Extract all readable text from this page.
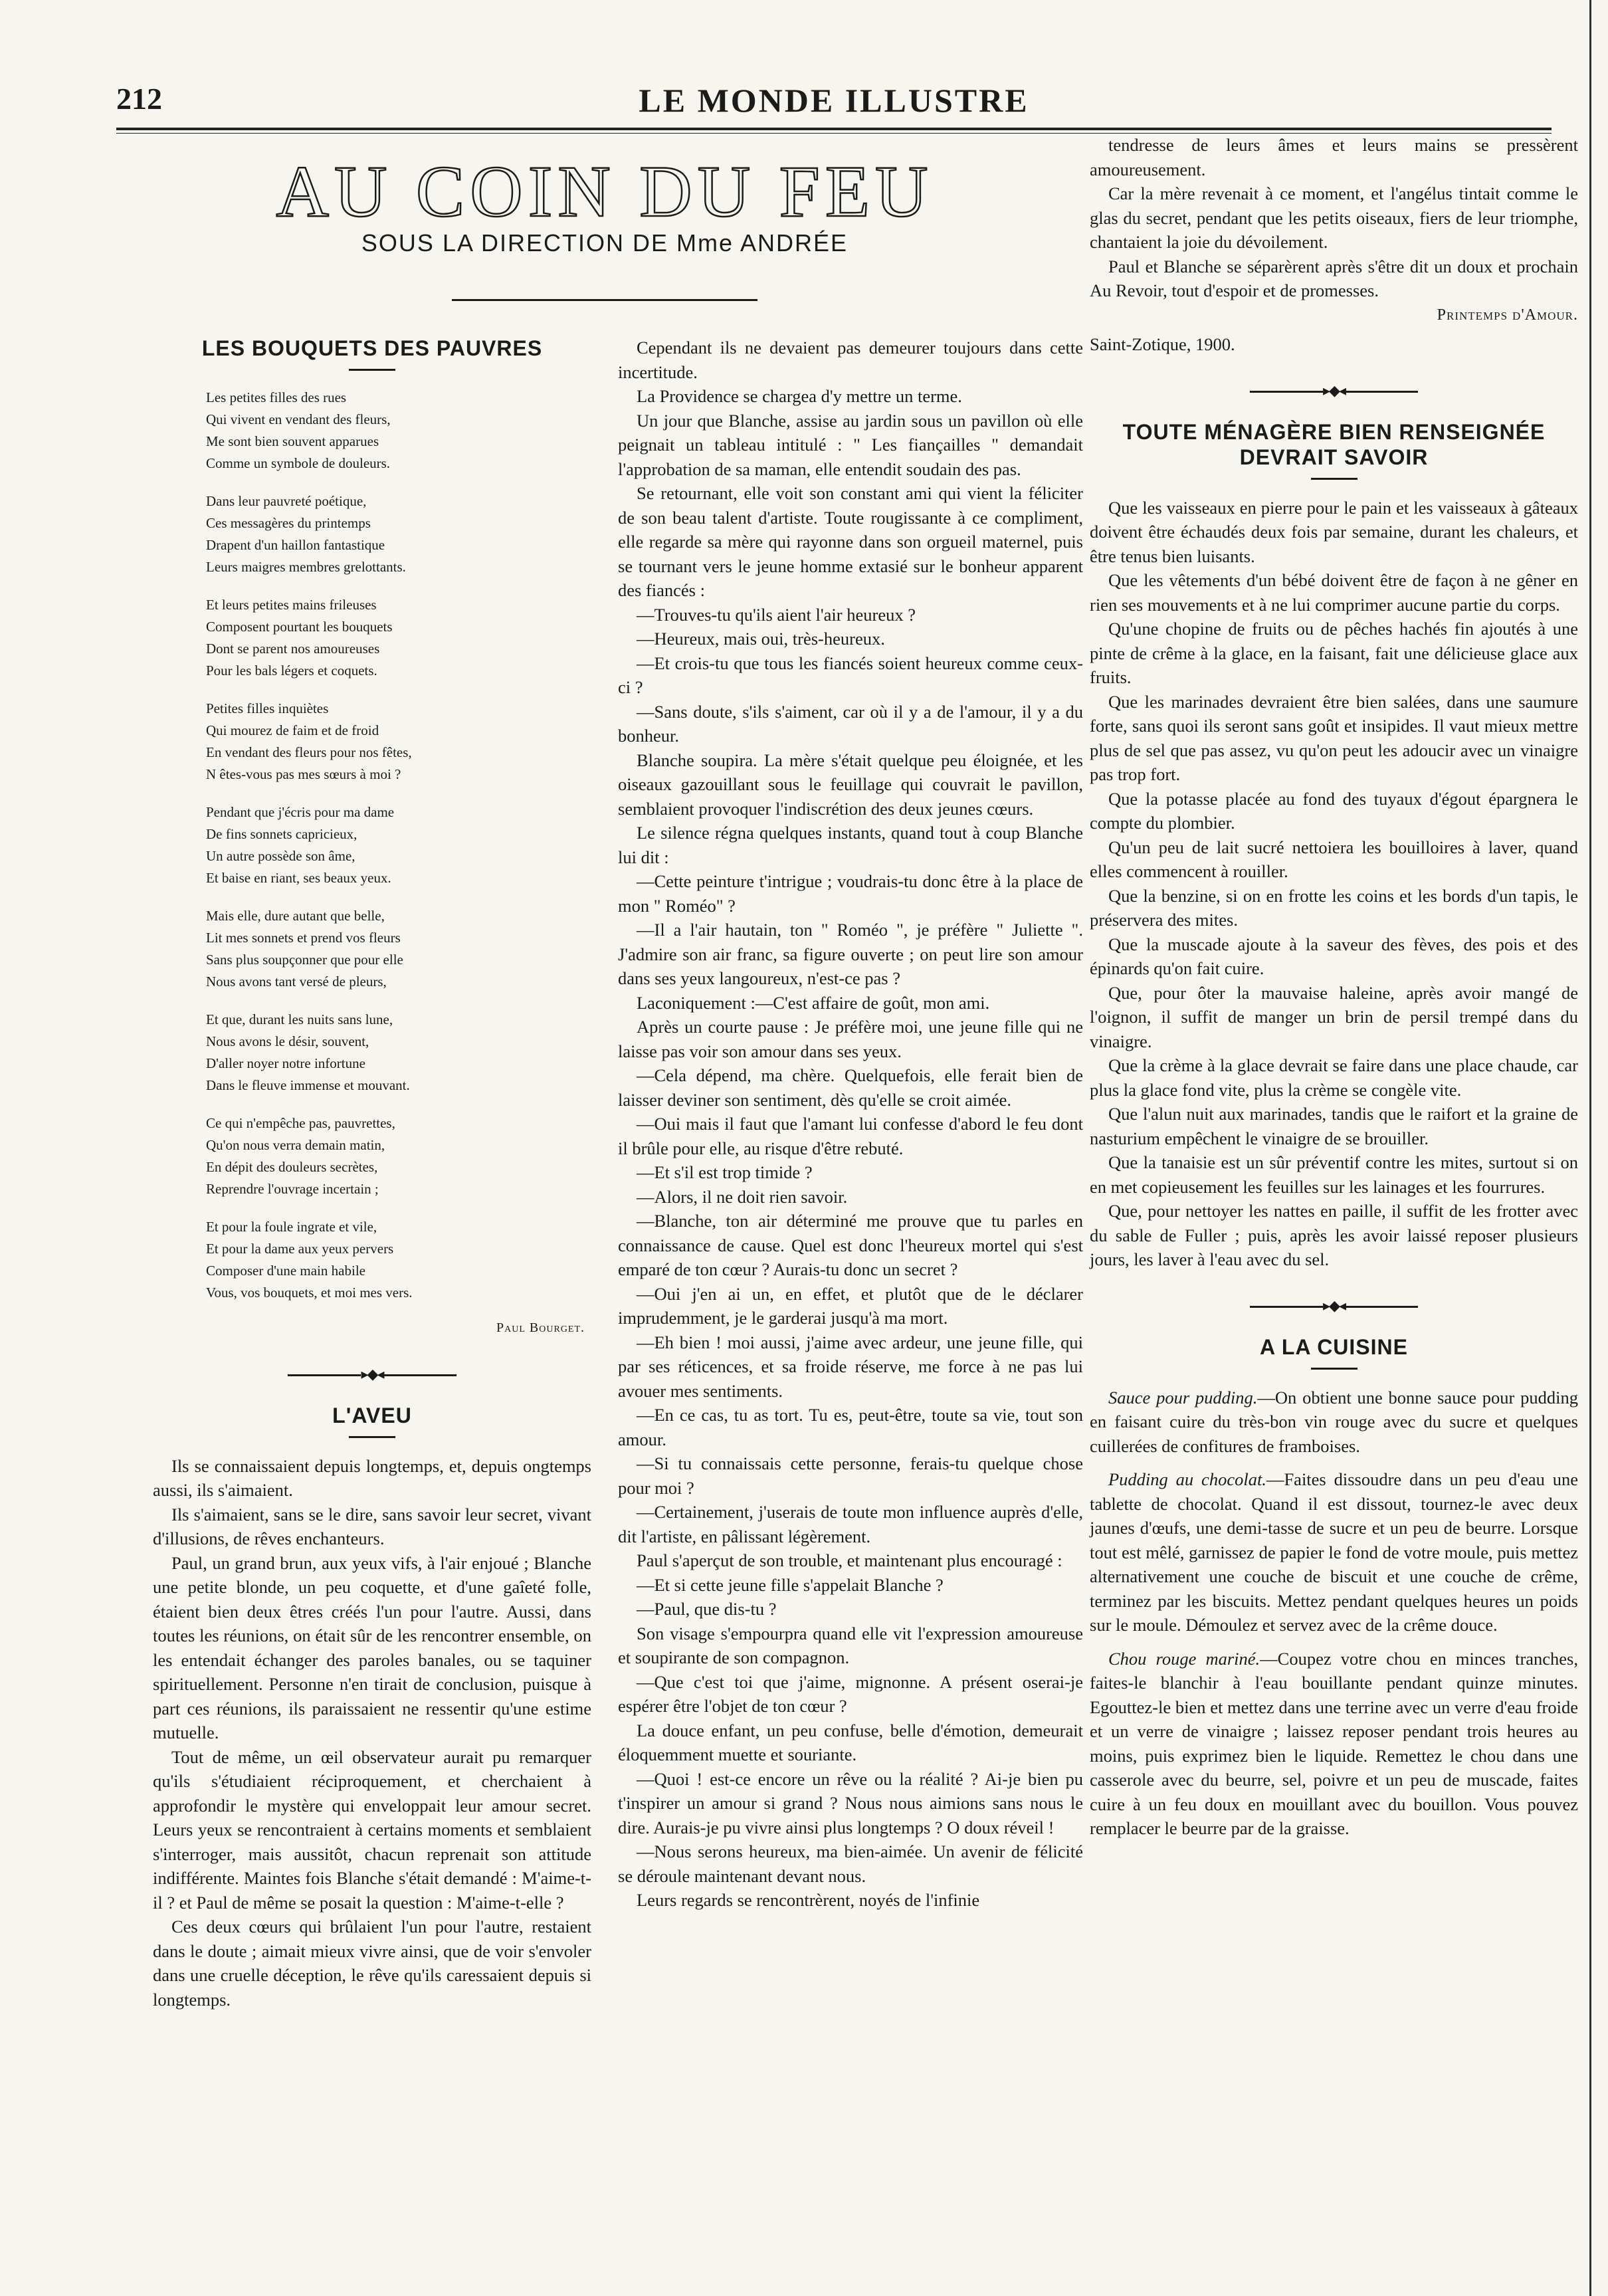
212	LE MONDE ILLUSTRE
AU COIN DU FEU
SOUS LA DIRECTION DE Mme ANDRÉE
LES BOUQUETS DES PAUVRES
Les petites filles des rues
Qui vivent en vendant des fleurs,
Me sont bien souvent apparues
Comme un symbole de douleurs.
Dans leur pauvreté poétique,
Ces messagères du printemps
Drapent d'un haillon fantastique
Leurs maigres membres grelottants.
Et leurs petites mains frileuses
Composent pourtant les bouquets
Dont se parent nos amoureuses
Pour les bals légers et coquets.
Petites filles inquiètes
Qui mourez de faim et de froid
En vendant des fleurs pour nos fêtes,
N êtes-vous pas mes sœurs à moi ?
Pendant que j'écris pour ma dame
De fins sonnets capricieux,
Un autre possède son âme,
Et baise en riant, ses beaux yeux.
Mais elle, dure autant que belle,
Lit mes sonnets et prend vos fleurs
Sans plus soupçonner que pour elle
Nous avons tant versé de pleurs,
Et que, durant les nuits sans lune,
Nous avons le désir, souvent,
D'aller noyer notre infortune
Dans le fleuve immense et mouvant.
Ce qui n'empêche pas, pauvrettes,
Qu'on nous verra demain matin,
En dépit des douleurs secrètes,
Reprendre l'ouvrage incertain ;
Et pour la foule ingrate et vile,
Et pour la dame aux yeux pervers
Composer d'une main habile
Vous, vos bouquets, et moi mes vers.
Paul Bourget.
▸◆◂
L'AVEU

Ils se connaissaient depuis longtemps, et, depuis ongtemps aussi, ils s'aimaient.

Ils s'aimaient, sans se le dire, sans savoir leur secret, vivant d'illusions, de rêves enchanteurs.

Paul, un grand brun, aux yeux vifs, à l'air enjoué ; Blanche une petite blonde, un peu coquette, et d'une gaîeté folle, étaient bien deux êtres créés l'un pour l'autre. Aussi, dans toutes les réunions, on était sûr de les rencontrer ensemble, on les entendait échanger des paroles banales, ou se taquiner spirituellement. Personne n'en tirait de conclusion, puisque à part ces réunions, ils paraissaient ne ressentir qu'une estime mutuelle.

Tout de même, un œil observateur aurait pu remarquer qu'ils s'étudiaient réciproquement, et cherchaient à approfondir le mystère qui enveloppait leur amour secret. Leurs yeux se rencontraient à certains moments et semblaient s'interroger, mais aussitôt, chacun reprenait son attitude indifférente. Maintes fois Blanche s'était demandé : M'aime-t-il ? et Paul de même se posait la question : M'aime-t-elle ?

Ces deux cœurs qui brûlaient l'un pour l'autre, restaient dans le doute ; aimait mieux vivre ainsi, que de voir s'envoler dans une cruelle déception, le rêve qu'ils caressaient depuis si longtemps.

Cependant ils ne devaient pas demeurer toujours dans cette incertitude.

La Providence se chargea d'y mettre un terme.

Un jour que Blanche, assise au jardin sous un pavillon où elle peignait un tableau intitulé : " Les fiançailles " demandait l'approbation de sa maman, elle entendit soudain des pas.

Se retournant, elle voit son constant ami qui vient la féliciter de son beau talent d'artiste. Toute rougissante à ce compliment, elle regarde sa mère qui rayonne dans son orgueil maternel, puis se tournant vers le jeune homme extasié sur le bonheur apparent des fiancés :

—Trouves-tu qu'ils aient l'air heureux ?

—Heureux, mais oui, très-heureux.

—Et crois-tu que tous les fiancés soient heureux comme ceux-ci ?

—Sans doute, s'ils s'aiment, car où il y a de l'amour, il y a du bonheur.

Blanche soupira. La mère s'était quelque peu éloignée, et les oiseaux gazouillant sous le feuillage qui couvrait le pavillon, semblaient provoquer l'indiscrétion des deux jeunes cœurs.

Le silence régna quelques instants, quand tout à coup Blanche lui dit :

—Cette peinture t'intrigue ; voudrais-tu donc être à la place de mon " Roméo" ?

—Il a l'air hautain, ton " Roméo ", je préfère " Juliette ". J'admire son air franc, sa figure ouverte ; on peut lire son amour dans ses yeux langoureux, n'est-ce pas ?

Laconiquement :—C'est affaire de goût, mon ami.

Après un courte pause : Je préfère moi, une jeune fille qui ne laisse pas voir son amour dans ses yeux.

—Cela dépend, ma chère. Quelquefois, elle ferait bien de laisser deviner son sentiment, dès qu'elle se croit aimée.

—Oui mais il faut que l'amant lui confesse d'abord le feu dont il brûle pour elle, au risque d'être rebuté.

—Et s'il est trop timide ?

—Alors, il ne doit rien savoir.

—Blanche, ton air déterminé me prouve que tu parles en connaissance de cause. Quel est donc l'heureux mortel qui s'est emparé de ton cœur ? Aurais-tu donc un secret ?

—Oui j'en ai un, en effet, et plutôt que de le déclarer imprudemment, je le garderai jusqu'à ma mort.

—Eh bien ! moi aussi, j'aime avec ardeur, une jeune fille, qui par ses réticences, et sa froide réserve, me force à ne pas lui avouer mes sentiments.

—En ce cas, tu as tort. Tu es, peut-être, toute sa vie, tout son amour.

—Si tu connaissais cette personne, ferais-tu quelque chose pour moi ?

—Certainement, j'userais de toute mon influence auprès d'elle, dit l'artiste, en pâlissant légèrement.

Paul s'aperçut de son trouble, et maintenant plus encouragé :

—Et si cette jeune fille s'appelait Blanche ?

—Paul, que dis-tu ?

Son visage s'empourpra quand elle vit l'expression amoureuse et soupirante de son compagnon.

—Que c'est toi que j'aime, mignonne. A présent oserai-je espérer être l'objet de ton cœur ?

La douce enfant, un peu confuse, belle d'émotion, demeurait éloquemment muette et souriante.

—Quoi ! est-ce encore un rêve ou la réalité ? Ai-je bien pu t'inspirer un amour si grand ? Nous nous aimions sans nous le dire. Aurais-je pu vivre ainsi plus longtemps ? O doux réveil !

—Nous serons heureux, ma bien-aimée. Un avenir de félicité se déroule maintenant devant nous.

Leurs regards se rencontrèrent, noyés de l'infinie

tendresse de leurs âmes et leurs mains se pressèrent amoureusement.

Car la mère revenait à ce moment, et l'angélus tintait comme le glas du secret, pendant que les petits oiseaux, fiers de leur triomphe, chantaient la joie du dévoilement.

Paul et Blanche se séparèrent après s'être dit un doux et prochain Au Revoir, tout d'espoir et de promesses.

Printemps d'Amour.

Saint-Zotique, 1900.

▸◆◂
TOUTE MÉNAGÈRE BIEN RENSEIGNÉE
DEVRAIT SAVOIR

Que les vaisseaux en pierre pour le pain et les vaisseaux à gâteaux doivent être échaudés deux fois par semaine, durant les chaleurs, et être tenus bien luisants.

Que les vêtements d'un bébé doivent être de façon à ne gêner en rien ses mouvements et à ne lui comprimer aucune partie du corps.

Qu'une chopine de fruits ou de pêches hachés fin ajoutés à une pinte de crême à la glace, en la faisant, fait une délicieuse glace aux fruits.

Que les marinades devraient être bien salées, dans une saumure forte, sans quoi ils seront sans goût et insipides. Il vaut mieux mettre plus de sel que pas assez, vu qu'on peut les adoucir avec un vinaigre pas trop fort.

Que la potasse placée au fond des tuyaux d'égout épargnera le compte du plombier.

Qu'un peu de lait sucré nettoiera les bouilloires à laver, quand elles commencent à rouiller.

Que la benzine, si on en frotte les coins et les bords d'un tapis, le préservera des mites.

Que la muscade ajoute à la saveur des fèves, des pois et des épinards qu'on fait cuire.

Que, pour ôter la mauvaise haleine, après avoir mangé de l'oignon, il suffit de manger un brin de persil trempé dans du vinaigre.

Que la crème à la glace devrait se faire dans une place chaude, car plus la glace fond vite, plus la crème se congèle vite.

Que l'alun nuit aux marinades, tandis que le raifort et la graine de nasturium empêchent le vinaigre de se brouiller.

Que la tanaisie est un sûr préventif contre les mites, surtout si on en met copieusement les feuilles sur les lainages et les fourrures.

Que, pour nettoyer les nattes en paille, il suffit de les frotter avec du sable de Fuller ; puis, après les avoir laissé reposer plusieurs jours, les laver à l'eau avec du sel.

▸◆◂
A LA CUISINE

Sauce pour pudding.—On obtient une bonne sauce pour pudding en faisant cuire du très-bon vin rouge avec du sucre et quelques cuillerées de confitures de framboises.

Pudding au chocolat.—Faites dissoudre dans un peu d'eau une tablette de chocolat. Quand il est dissout, tournez-le avec deux jaunes d'œufs, une demi-tasse de sucre et un peu de beurre. Lorsque tout est mêlé, garnissez de papier le fond de votre moule, puis mettez alternativement une couche de biscuit et une couche de crême, terminez par les biscuits. Mettez pendant quelques heures un poids sur le moule. Démoulez et servez avec de la crême douce.

Chou rouge mariné.—Coupez votre chou en minces tranches, faites-le blanchir à l'eau bouillante pendant quinze minutes. Egouttez-le bien et mettez dans une terrine avec un verre d'eau froide et un verre de vinaigre ; laissez reposer pendant trois heures au moins, puis exprimez bien le liquide. Remettez le chou dans une casserole avec du beurre, sel, poivre et un peu de muscade, faites cuire à un feu doux en mouillant avec du bouillon. Vous pouvez remplacer le beurre par de la graisse.
